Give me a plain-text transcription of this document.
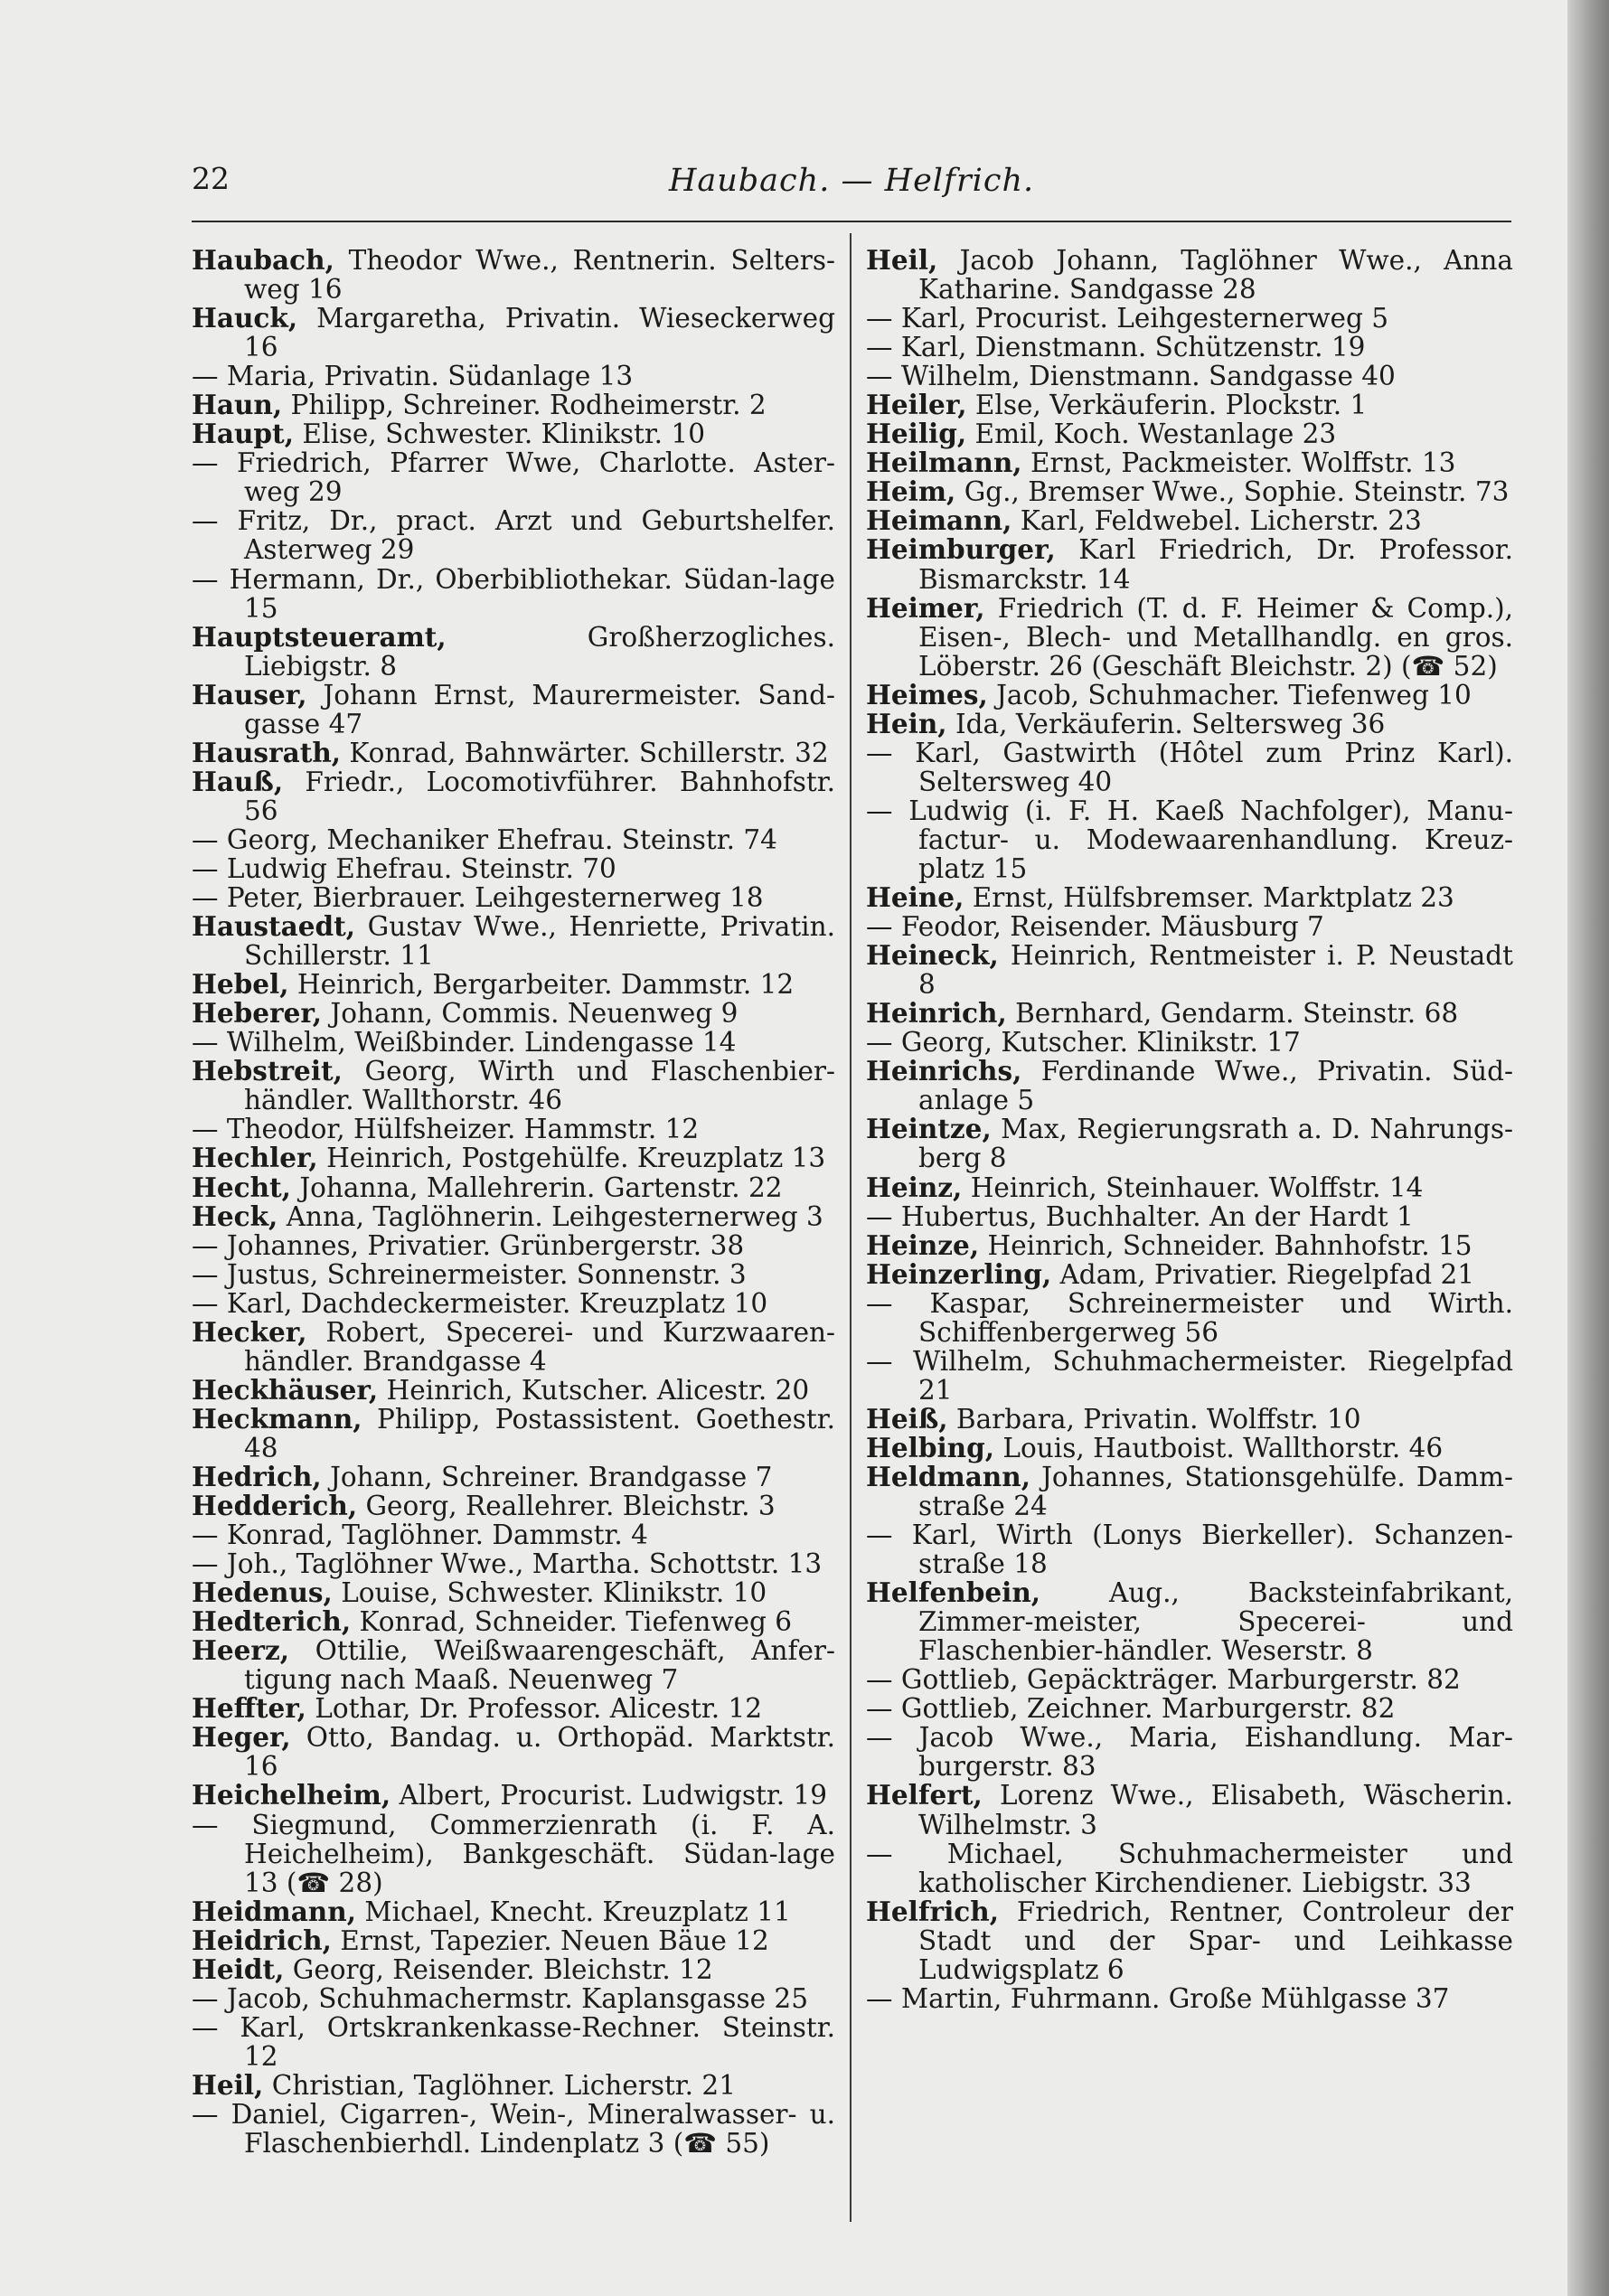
22	Haubach. — Helfrich.

Haubach, Theodor Wwe., Rentnerin. Selters-weg 16

Hauck, Margaretha, Privatin. Wieseckerweg 16

— Maria, Privatin. Südanlage 13

Haun, Philipp, Schreiner. Rodheimerstr. 2

Haupt, Elise, Schwester. Klinikstr. 10

— Friedrich, Pfarrer Wwe, Charlotte. Aster-weg 29

— Fritz, Dr., pract. Arzt und Geburtshelfer. Asterweg 29

— Hermann, Dr., Oberbibliothekar. Südan-lage 15

Hauptsteueramt, Großherzogliches. Liebigstr. 8

Hauser, Johann Ernst, Maurermeister. Sand-gasse 47

Hausrath, Konrad, Bahnwärter. Schillerstr. 32

Hauß, Friedr., Locomotivführer. Bahnhofstr. 56

— Georg, Mechaniker Ehefrau. Steinstr. 74

— Ludwig Ehefrau. Steinstr. 70

— Peter, Bierbrauer. Leihgesternerweg 18

Haustaedt, Gustav Wwe., Henriette, Privatin. Schillerstr. 11

Hebel, Heinrich, Bergarbeiter. Dammstr. 12

Heberer, Johann, Commis. Neuenweg 9

— Wilhelm, Weißbinder. Lindengasse 14

Hebstreit, Georg, Wirth und Flaschenbier-händler. Wallthorstr. 46

— Theodor, Hülfsheizer. Hammstr. 12

Hechler, Heinrich, Postgehülfe. Kreuzplatz 13

Hecht, Johanna, Mallehrerin. Gartenstr. 22

Heck, Anna, Taglöhnerin. Leihgesternerweg 3

— Johannes, Privatier. Grünbergerstr. 38

— Justus, Schreinermeister. Sonnenstr. 3

— Karl, Dachdeckermeister. Kreuzplatz 10

Hecker, Robert, Specerei- und Kurzwaaren-händler. Brandgasse 4

Heckhäuser, Heinrich, Kutscher. Alicestr. 20

Heckmann, Philipp, Postassistent. Goethestr. 48

Hedrich, Johann, Schreiner. Brandgasse 7

Hedderich, Georg, Reallehrer. Bleichstr. 3

— Konrad, Taglöhner. Dammstr. 4

— Joh., Taglöhner Wwe., Martha. Schottstr. 13

Hedenus, Louise, Schwester. Klinikstr. 10

Hedterich, Konrad, Schneider. Tiefenweg 6

Heerz, Ottilie, Weißwaarengeschäft, Anfer-tigung nach Maaß. Neuenweg 7

Heffter, Lothar, Dr. Professor. Alicestr. 12

Heger, Otto, Bandag. u. Orthopäd. Marktstr. 16

Heichelheim, Albert, Procurist. Ludwigstr. 19

— Siegmund, Commerzienrath (i. F. A. Heichelheim), Bankgeschäft. Südan-lage 13 (☎ 28)

Heidmann, Michael, Knecht. Kreuzplatz 11

Heidrich, Ernst, Tapezier. Neuen Bäue 12

Heidt, Georg, Reisender. Bleichstr. 12

— Jacob, Schuhmachermstr. Kaplansgasse 25

— Karl, Ortskrankenkasse-Rechner. Steinstr. 12

Heil, Christian, Taglöhner. Licherstr. 21

— Daniel, Cigarren-, Wein-, Mineralwasser- u. Flaschenbierhdl. Lindenplatz 3 (☎ 55)

Heil, Jacob Johann, Taglöhner Wwe., Anna Katharine. Sandgasse 28

— Karl, Procurist. Leihgesternerweg 5

— Karl, Dienstmann. Schützenstr. 19

— Wilhelm, Dienstmann. Sandgasse 40

Heiler, Else, Verkäuferin. Plockstr. 1

Heilig, Emil, Koch. Westanlage 23

Heilmann, Ernst, Packmeister. Wolffstr. 13

Heim, Gg., Bremser Wwe., Sophie. Steinstr. 73

Heimann, Karl, Feldwebel. Licherstr. 23

Heimburger, Karl Friedrich, Dr. Professor. Bismarckstr. 14

Heimer, Friedrich (T. d. F. Heimer & Comp.), Eisen-, Blech- und Metallhandlg. en gros. Löberstr. 26 (Geschäft Bleichstr. 2) (☎ 52)

Heimes, Jacob, Schuhmacher. Tiefenweg 10

Hein, Ida, Verkäuferin. Seltersweg 36

— Karl, Gastwirth (Hôtel zum Prinz Karl). Seltersweg 40

— Ludwig (i. F. H. Kaeß Nachfolger), Manu-factur- u. Modewaarenhandlung. Kreuz-platz 15

Heine, Ernst, Hülfsbremser. Marktplatz 23

— Feodor, Reisender. Mäusburg 7

Heineck, Heinrich, Rentmeister i. P. Neustadt 8

Heinrich, Bernhard, Gendarm. Steinstr. 68

— Georg, Kutscher. Klinikstr. 17

Heinrichs, Ferdinande Wwe., Privatin. Süd-anlage 5

Heintze, Max, Regierungsrath a. D. Nahrungs-berg 8

Heinz, Heinrich, Steinhauer. Wolffstr. 14

— Hubertus, Buchhalter. An der Hardt 1

Heinze, Heinrich, Schneider. Bahnhofstr. 15

Heinzerling, Adam, Privatier. Riegelpfad 21

— Kaspar, Schreinermeister und Wirth. Schiffenbergerweg 56

— Wilhelm, Schuhmachermeister. Riegelpfad 21

Heiß, Barbara, Privatin. Wolffstr. 10

Helbing, Louis, Hautboist. Wallthorstr. 46

Heldmann, Johannes, Stationsgehülfe. Damm-straße 24

— Karl, Wirth (Lonys Bierkeller). Schanzen-straße 18

Helfenbein, Aug., Backsteinfabrikant, Zimmer-meister, Specerei- und Flaschenbier-händler. Weserstr. 8

— Gottlieb, Gepäckträger. Marburgerstr. 82

— Gottlieb, Zeichner. Marburgerstr. 82

— Jacob Wwe., Maria, Eishandlung. Mar-burgerstr. 83

Helfert, Lorenz Wwe., Elisabeth, Wäscherin. Wilhelmstr. 3

— Michael, Schuhmachermeister und katholischer Kirchendiener. Liebigstr. 33

Helfrich, Friedrich, Rentner, Controleur der Stadt und der Spar- und Leihkasse Ludwigsplatz 6

— Martin, Fuhrmann. Große Mühlgasse 37
